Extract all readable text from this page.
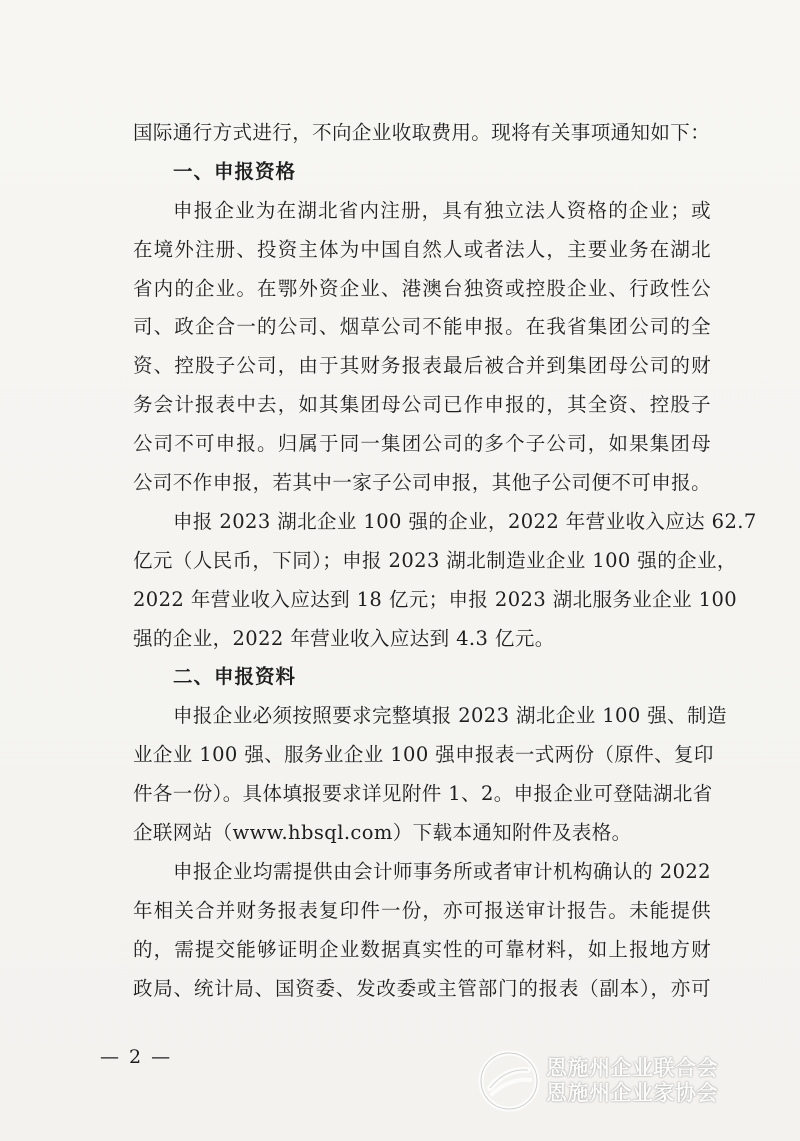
国际通行方式进行，不向企业收取费用。现将有关事项通知如下：
一、申报资格
申报企业为在湖北省内注册，具有独立法人资格的企业；或
在境外注册、投资主体为中国自然人或者法人，主要业务在湖北
省内的企业。在鄂外资企业、港澳台独资或控股企业、行政性公
司、政企合一的公司、烟草公司不能申报。在我省集团公司的全
资、控股子公司，由于其财务报表最后被合并到集团母公司的财
务会计报表中去，如其集团母公司已作申报的，其全资、控股子
公司不可申报。归属于同一集团公司的多个子公司，如果集团母
公司不作申报，若其中一家子公司申报，其他子公司便不可申报。
申报 2023 湖北企业 100 强的企业，2022 年营业收入应达 62.7
亿元（人民币，下同）；申报 2023 湖北制造业企业 100 强的企业，
2022 年营业收入应达到 18 亿元；申报 2023 湖北服务业企业 100
强的企业，2022 年营业收入应达到 4.3 亿元。
二、申报资料
申报企业必须按照要求完整填报 2023 湖北企业 100 强、制造
业企业 100 强、服务业企业 100 强申报表一式两份（原件、复印
件各一份）。具体填报要求详见附件 1、2。申报企业可登陆湖北省
企联网站（www.hbsql.com）下载本通知附件及表格。
申报企业均需提供由会计师事务所或者审计机构确认的 2022
年相关合并财务报表复印件一份，亦可报送审计报告。未能提供
的，需提交能够证明企业数据真实性的可靠材料，如上报地方财
政局、统计局、国资委、发改委或主管部门的报表（副本），亦可
— 2 —	恩施州企业联合会
恩施州企业家协会
